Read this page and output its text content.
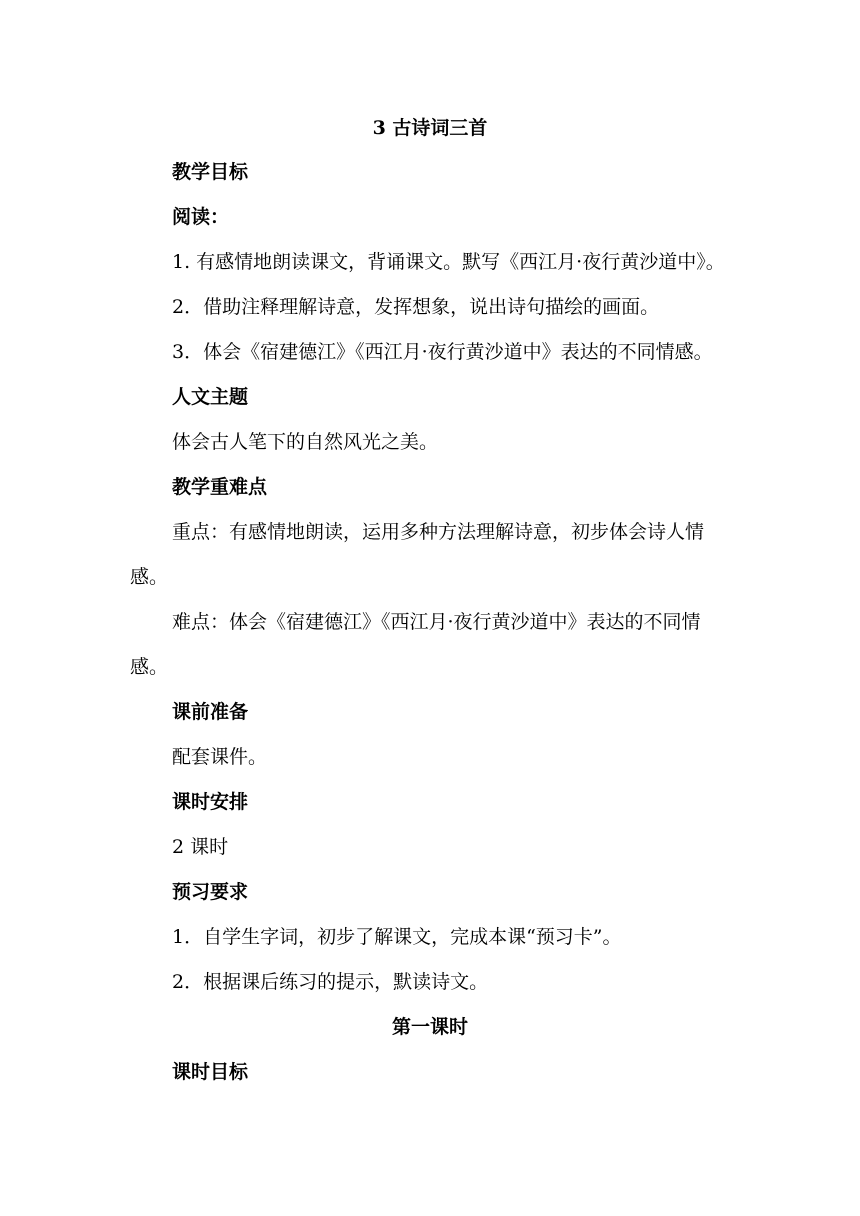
3 古诗词三首
教学目标
阅读：
1. 有感情地朗读课文，背诵课文。默写《西江月·夜行黄沙道中》。
2．借助注释理解诗意，发挥想象，说出诗句描绘的画面。
3．体会《宿建德江》《西江月·夜行黄沙道中》表达的不同情感。
人文主题
体会古人笔下的自然风光之美。
教学重难点
重点：有感情地朗读，运用多种方法理解诗意，初步体会诗人情
感。
难点：体会《宿建德江》《西江月·夜行黄沙道中》表达的不同情
感。
课前准备
配套课件。
课时安排
2 课时
预习要求
1．自学生字词，初步了解课文，完成本课“预习卡”。
2．根据课后练习的提示，默读诗文。
第一课时
课时目标
